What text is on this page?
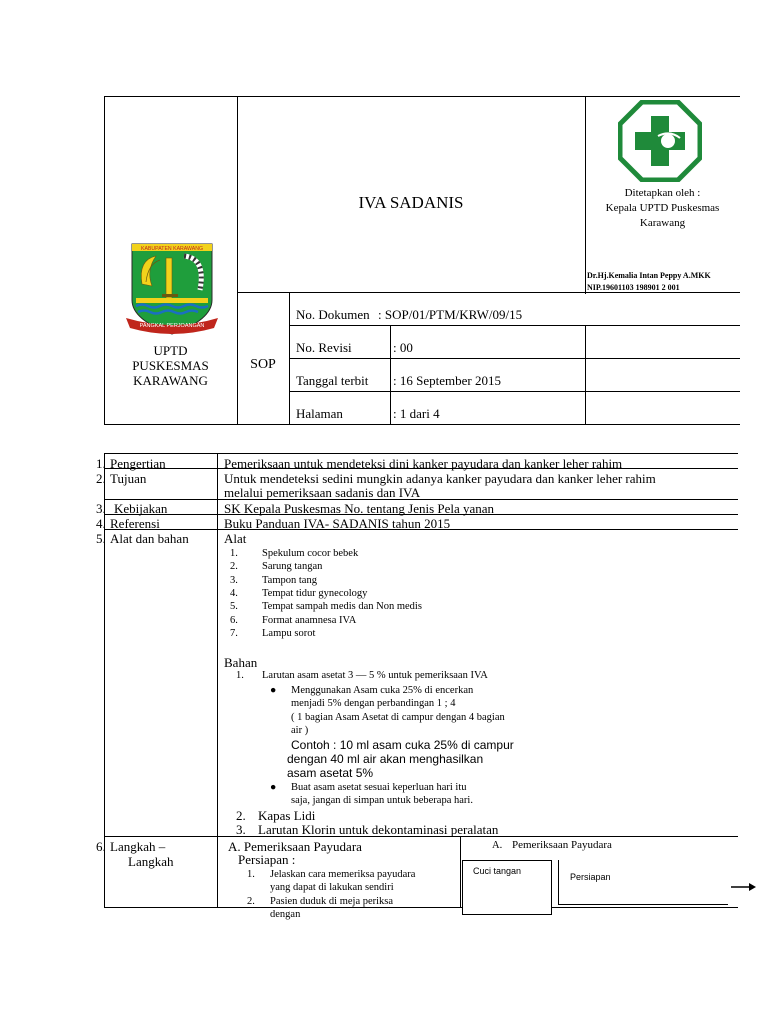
KABUPATEN KARAWANG
PANGKAL PERJOANGAN
UPTD
PUSKESMAS
KARAWANG
IVA SADANIS	Ditetapkan oleh :
Kepala UPTD Puskesmas
Karawang
Dr.Hj.Kemalia Intan Peppy A.MKK
NIP.19601103 198901 2 001
SOP
No. Dokumen : SOP/01/PTM/KRW/09/15
No. Revisi	: 00
Tanggal terbit : 16 September 2015
Halaman	: 1 dari 4
1. Pengertian	Pemeriksaan untuk mendeteksi dini kanker payudara dan kanker leher rahim
2. Tujuan	Untuk mendeteksi sedini mungkin adanya kanker payudara dan kanker leher rahim
melalui pemeriksaan sadanis dan IVA
3. Kebijakan	SK Kepala Puskesmas No. tentang Jenis Pela yanan
4. Referensi	Buku Panduan IVA- SADANIS tahun 2015
5. Alat dan bahan	Alat
1. Spekulum cocor bebek
2. Sarung tangan
3. Tampon tang
4. Tempat tidur gynecology
5. Tempat sampah medis dan Non medis
6. Format anamnesa IVA
7. Lampu sorot
Bahan
1. Larutan asam asetat 3 — 5 % untuk pemeriksaan IVA
● Menggunakan Asam cuka 25% di encerkan
menjadi 5% dengan perbandingan 1 ; 4
( 1 bagian Asam Asetat di campur dengan 4 bagian
air )
Contoh : 10 ml asam cuka 25% di campur
dengan 40 ml air akan menghasilkan
asam asetat 5%
● Buat asam asetat sesuai keperluan hari itu
saja, jangan di simpan untuk beberapa hari.
2. Kapas Lidi
3. Larutan Klorin untuk dekontaminasi peralatan
6. Langkah –
Langkah
A. Pemeriksaan Payudara
Persiapan :
1. Jelaskan cara memeriksa payudara
yang dapat di lakukan sendiri
2. Pasien duduk di meja periksa
dengan
A. Pemeriksaan Payudara
Cuci tangan
Persiapan
